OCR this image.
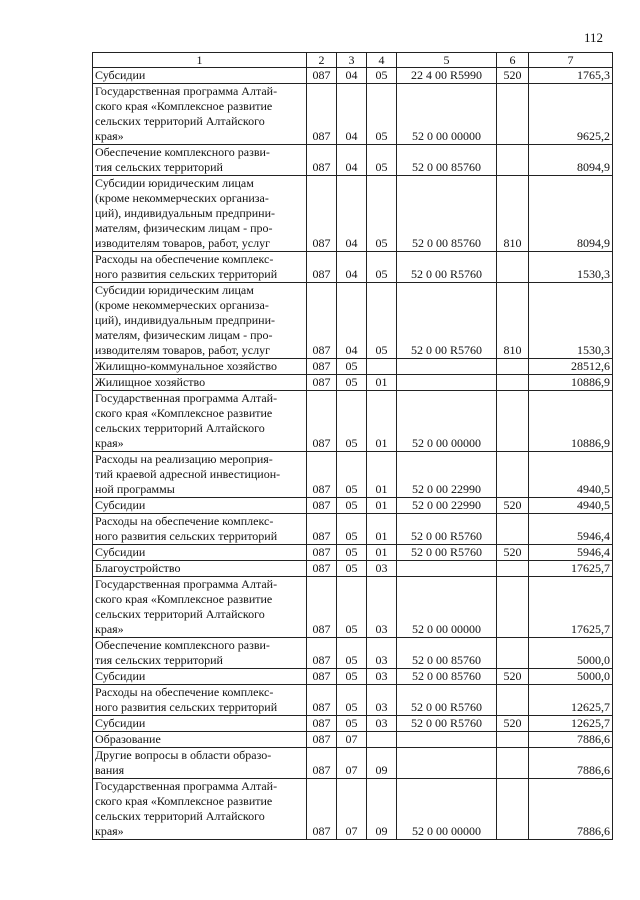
112
1	2	3	4	5	6	7
Субсидии	087	04	05	22 4 00 R5990	520	1765,3
Государственная программа Алтай-
ского края «Комплексное развитие
сельских территорий Алтайского
края»	087	04	05	52 0 00 00000		9625,2
Обеспечение комплексного разви-
тия сельских территорий	087	04	05	52 0 00 85760		8094,9
Субсидии юридическим лицам
(кроме некоммерческих организа-
ций), индивидуальным предприни-
мателям, физическим лицам - про-
изводителям товаров, работ, услуг	087	04	05	52 0 00 85760	810	8094,9
Расходы на обеспечение комплекс-
ного развития сельских территорий	087	04	05	52 0 00 R5760		1530,3
Субсидии юридическим лицам
(кроме некоммерческих организа-
ций), индивидуальным предприни-
мателям, физическим лицам - про-
изводителям товаров, работ, услуг	087	04	05	52 0 00 R5760	810	1530,3
Жилищно-коммунальное хозяйство	087	05				28512,6
Жилищное хозяйство	087	05	01			10886,9
Государственная программа Алтай-
ского края «Комплексное развитие
сельских территорий Алтайского
края»	087	05	01	52 0 00 00000		10886,9
Расходы на реализацию мероприя-
тий краевой адресной инвестицион-
ной программы	087	05	01	52 0 00 22990		4940,5
Субсидии	087	05	01	52 0 00 22990	520	4940,5
Расходы на обеспечение комплекс-
ного развития сельских территорий	087	05	01	52 0 00 R5760		5946,4
Субсидии	087	05	01	52 0 00 R5760	520	5946,4
Благоустройство	087	05	03			17625,7
Государственная программа Алтай-
ского края «Комплексное развитие
сельских территорий Алтайского
края»	087	05	03	52 0 00 00000		17625,7
Обеспечение комплексного разви-
тия сельских территорий	087	05	03	52 0 00 85760		5000,0
Субсидии	087	05	03	52 0 00 85760	520	5000,0
Расходы на обеспечение комплекс-
ного развития сельских территорий	087	05	03	52 0 00 R5760		12625,7
Субсидии	087	05	03	52 0 00 R5760	520	12625,7
Образование	087	07				7886,6
Другие вопросы в области образо-
вания	087	07	09			7886,6
Государственная программа Алтай-
ского края «Комплексное развитие
сельских территорий Алтайского
края»	087	07	09	52 0 00 00000		7886,6
